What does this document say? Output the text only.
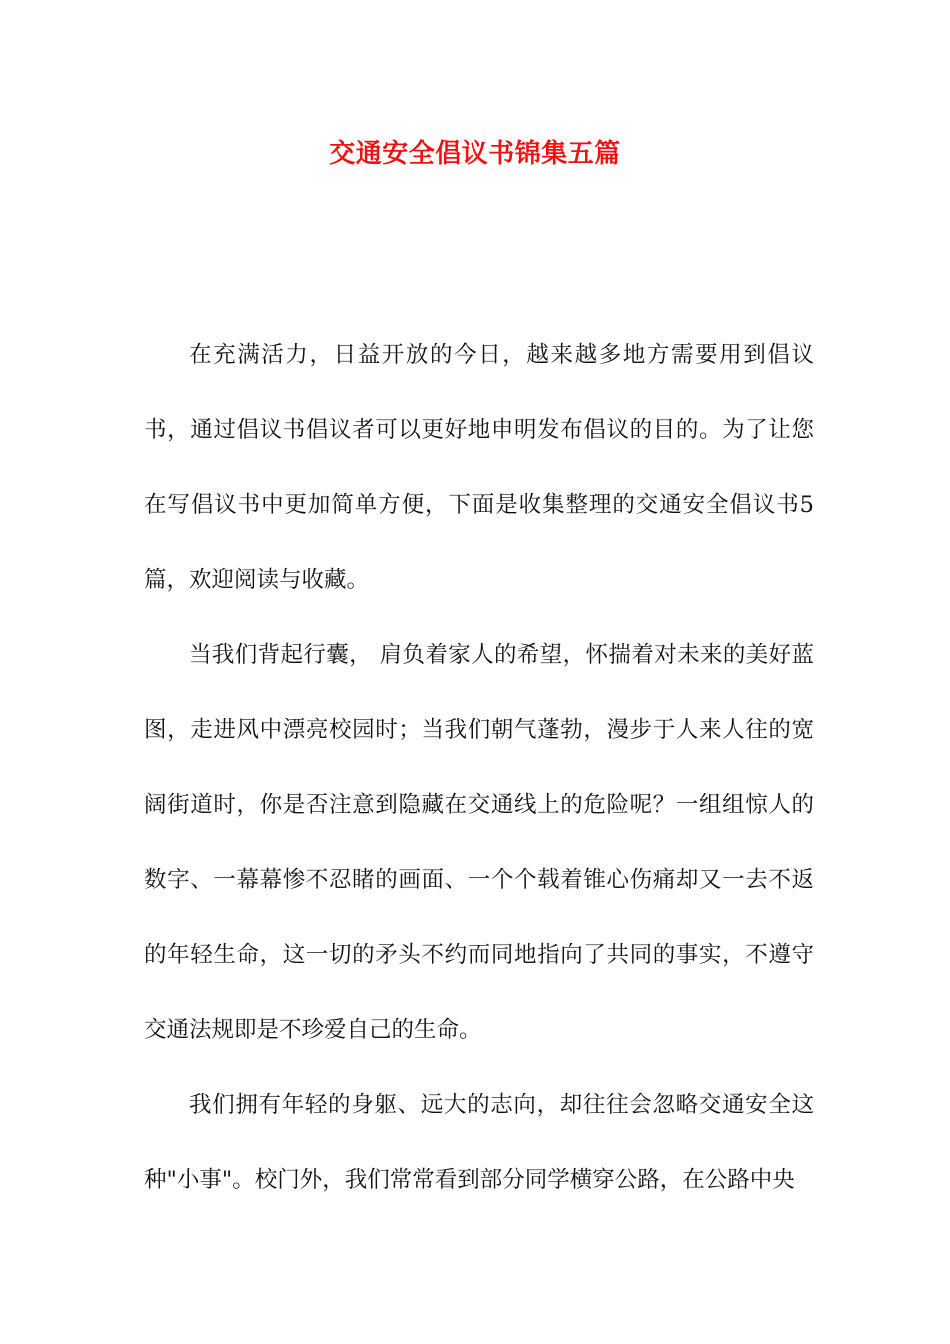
交通安全倡议书锦集五篇

在充满活力，日益开放的今日，越来越多地方需要用到倡议书，通过倡议书倡议者可以更好地申明发布倡议的目的。为了让您在写倡议书中更加简单方便，下面是收集整理的交通安全倡议书5篇，欢迎阅读与收藏。

当我们背起行囊， 肩负着家人的希望，怀揣着对未来的美好蓝图，走进风中漂亮校园时；当我们朝气蓬勃，漫步于人来人往的宽阔街道时，你是否注意到隐藏在交通线上的危险呢？一组组惊人的数字、一幕幕惨不忍睹的画面、一个个载着锥心伤痛却又一去不返的年轻生命，这一切的矛头不约而同地指向了共同的事实，不遵守交通法规即是不珍爱自己的生命。

我们拥有年轻的身躯、远大的志向，却往往会忽略交通安全这种"小事"。校门外，我们常常看到部分同学横穿公路，在公路中央
